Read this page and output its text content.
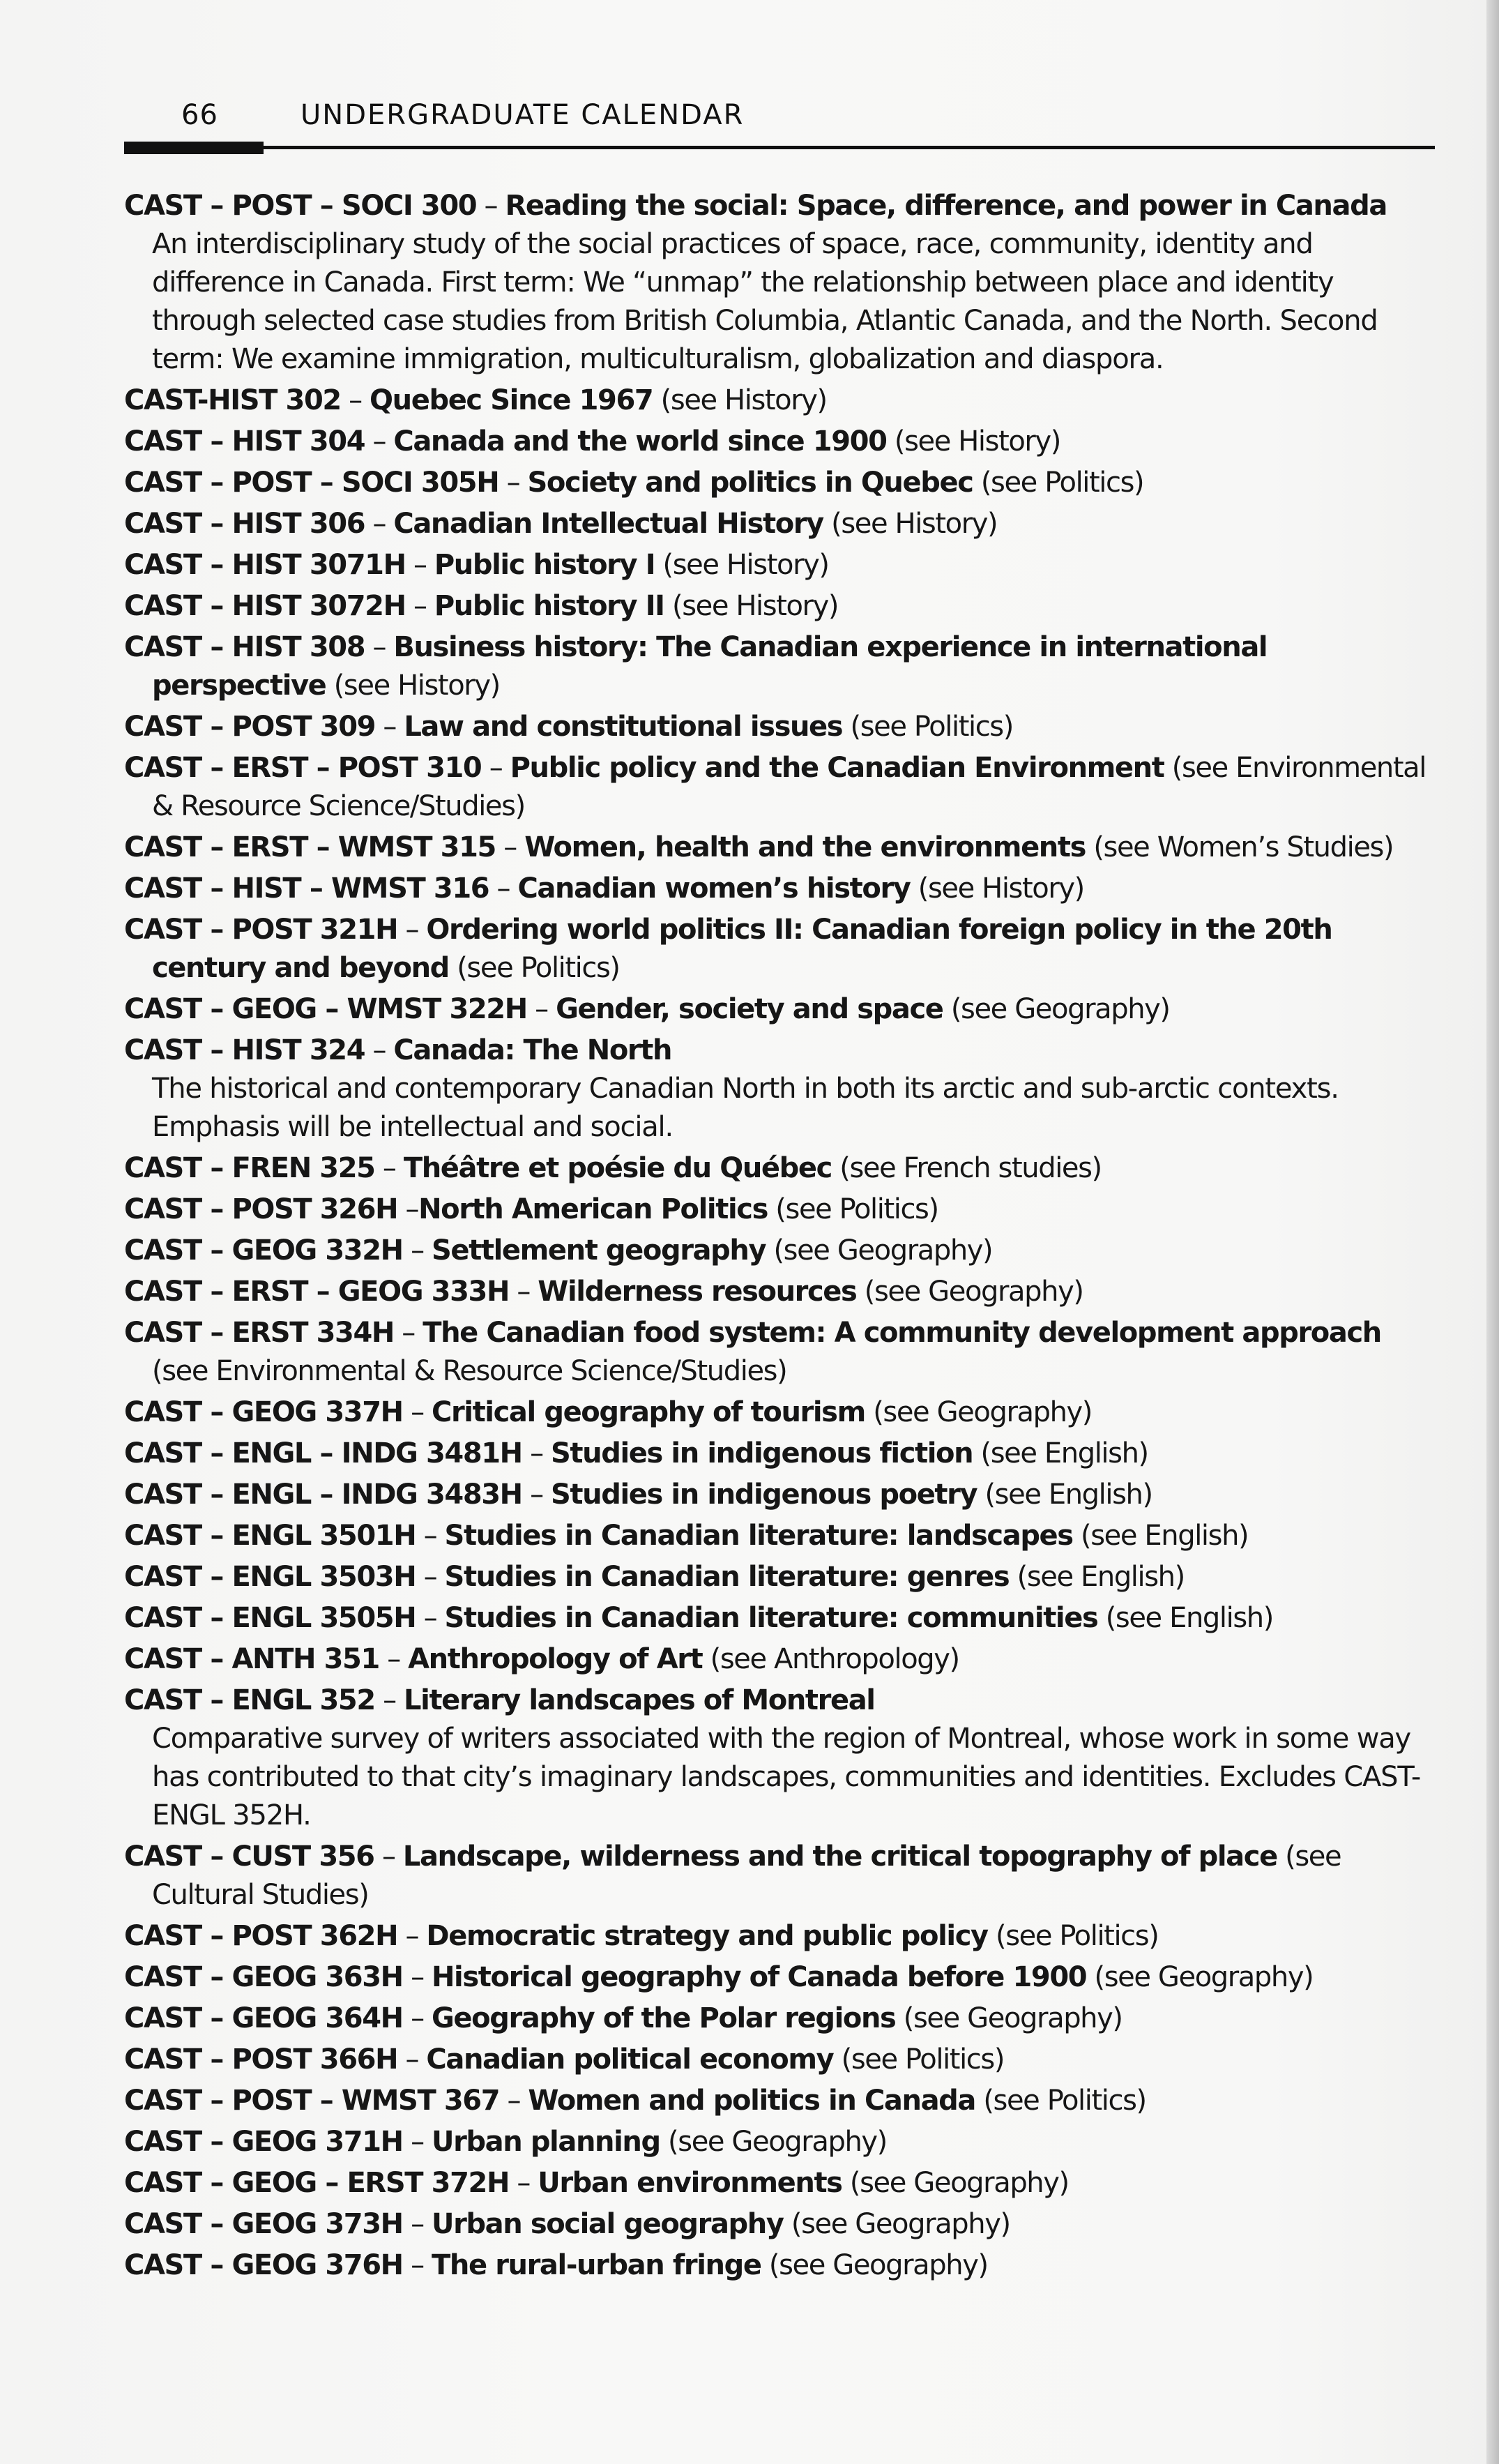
66	UNDERGRADUATE CALENDAR
CAST – POST – SOCI 300 – Reading the social: Space, difference, and power in Canada
An interdisciplinary study of the social practices of space, race, community, identity and difference in Canada. First term: We “unmap” the relationship between place and identity through selected case studies from British Columbia, Atlantic Canada, and the North. Second term: We examine immigration, multiculturalism, globalization and diaspora.
CAST-HIST 302 – Quebec Since 1967 (see History)
CAST – HIST 304 – Canada and the world since 1900 (see History)
CAST – POST – SOCI 305H – Society and politics in Quebec (see Politics)
CAST – HIST 306 – Canadian Intellectual History (see History)
CAST – HIST 3071H – Public history I (see History)
CAST – HIST 3072H – Public history II (see History)
CAST – HIST 308 – Business history: The Canadian experience in international perspective (see History)
CAST – POST 309 – Law and constitutional issues (see Politics)
CAST – ERST – POST 310 – Public policy and the Canadian Environment (see Environmental & Resource Science/Studies)
CAST – ERST – WMST 315 – Women, health and the environments (see Women’s Studies)
CAST – HIST – WMST 316 – Canadian women’s history (see History)
CAST – POST 321H – Ordering world politics II: Canadian foreign policy in the 20th century and beyond (see Politics)
CAST – GEOG – WMST 322H – Gender, society and space (see Geography)
CAST – HIST 324 – Canada: The North
The historical and contemporary Canadian North in both its arctic and sub-arctic contexts. Emphasis will be intellectual and social.
CAST – FREN 325 – Théâtre et poésie du Québec (see French studies)
CAST – POST 326H –North American Politics (see Politics)
CAST – GEOG 332H – Settlement geography (see Geography)
CAST – ERST – GEOG 333H – Wilderness resources (see Geography)
CAST – ERST 334H – The Canadian food system: A community development approach (see Environmental & Resource Science/Studies)
CAST – GEOG 337H – Critical geography of tourism (see Geography)
CAST – ENGL – INDG 3481H – Studies in indigenous fiction (see English)
CAST – ENGL – INDG 3483H – Studies in indigenous poetry (see English)
CAST – ENGL 3501H – Studies in Canadian literature: landscapes (see English)
CAST – ENGL 3503H – Studies in Canadian literature: genres (see English)
CAST – ENGL 3505H – Studies in Canadian literature: communities (see English)
CAST – ANTH 351 – Anthropology of Art (see Anthropology)
CAST – ENGL 352 – Literary landscapes of Montreal
Comparative survey of writers associated with the region of Montreal, whose work in some way has contributed to that city’s imaginary landscapes, communities and identities. Excludes CAST-ENGL 352H.
CAST – CUST 356 – Landscape, wilderness and the critical topography of place (see Cultural Studies)
CAST – POST 362H – Democratic strategy and public policy (see Politics)
CAST – GEOG 363H – Historical geography of Canada before 1900 (see Geography)
CAST – GEOG 364H – Geography of the Polar regions (see Geography)
CAST – POST 366H – Canadian political economy (see Politics)
CAST – POST – WMST 367 – Women and politics in Canada (see Politics)
CAST – GEOG 371H – Urban planning (see Geography)
CAST – GEOG – ERST 372H – Urban environments (see Geography)
CAST – GEOG 373H – Urban social geography (see Geography)
CAST – GEOG 376H – The rural-urban fringe (see Geography)
